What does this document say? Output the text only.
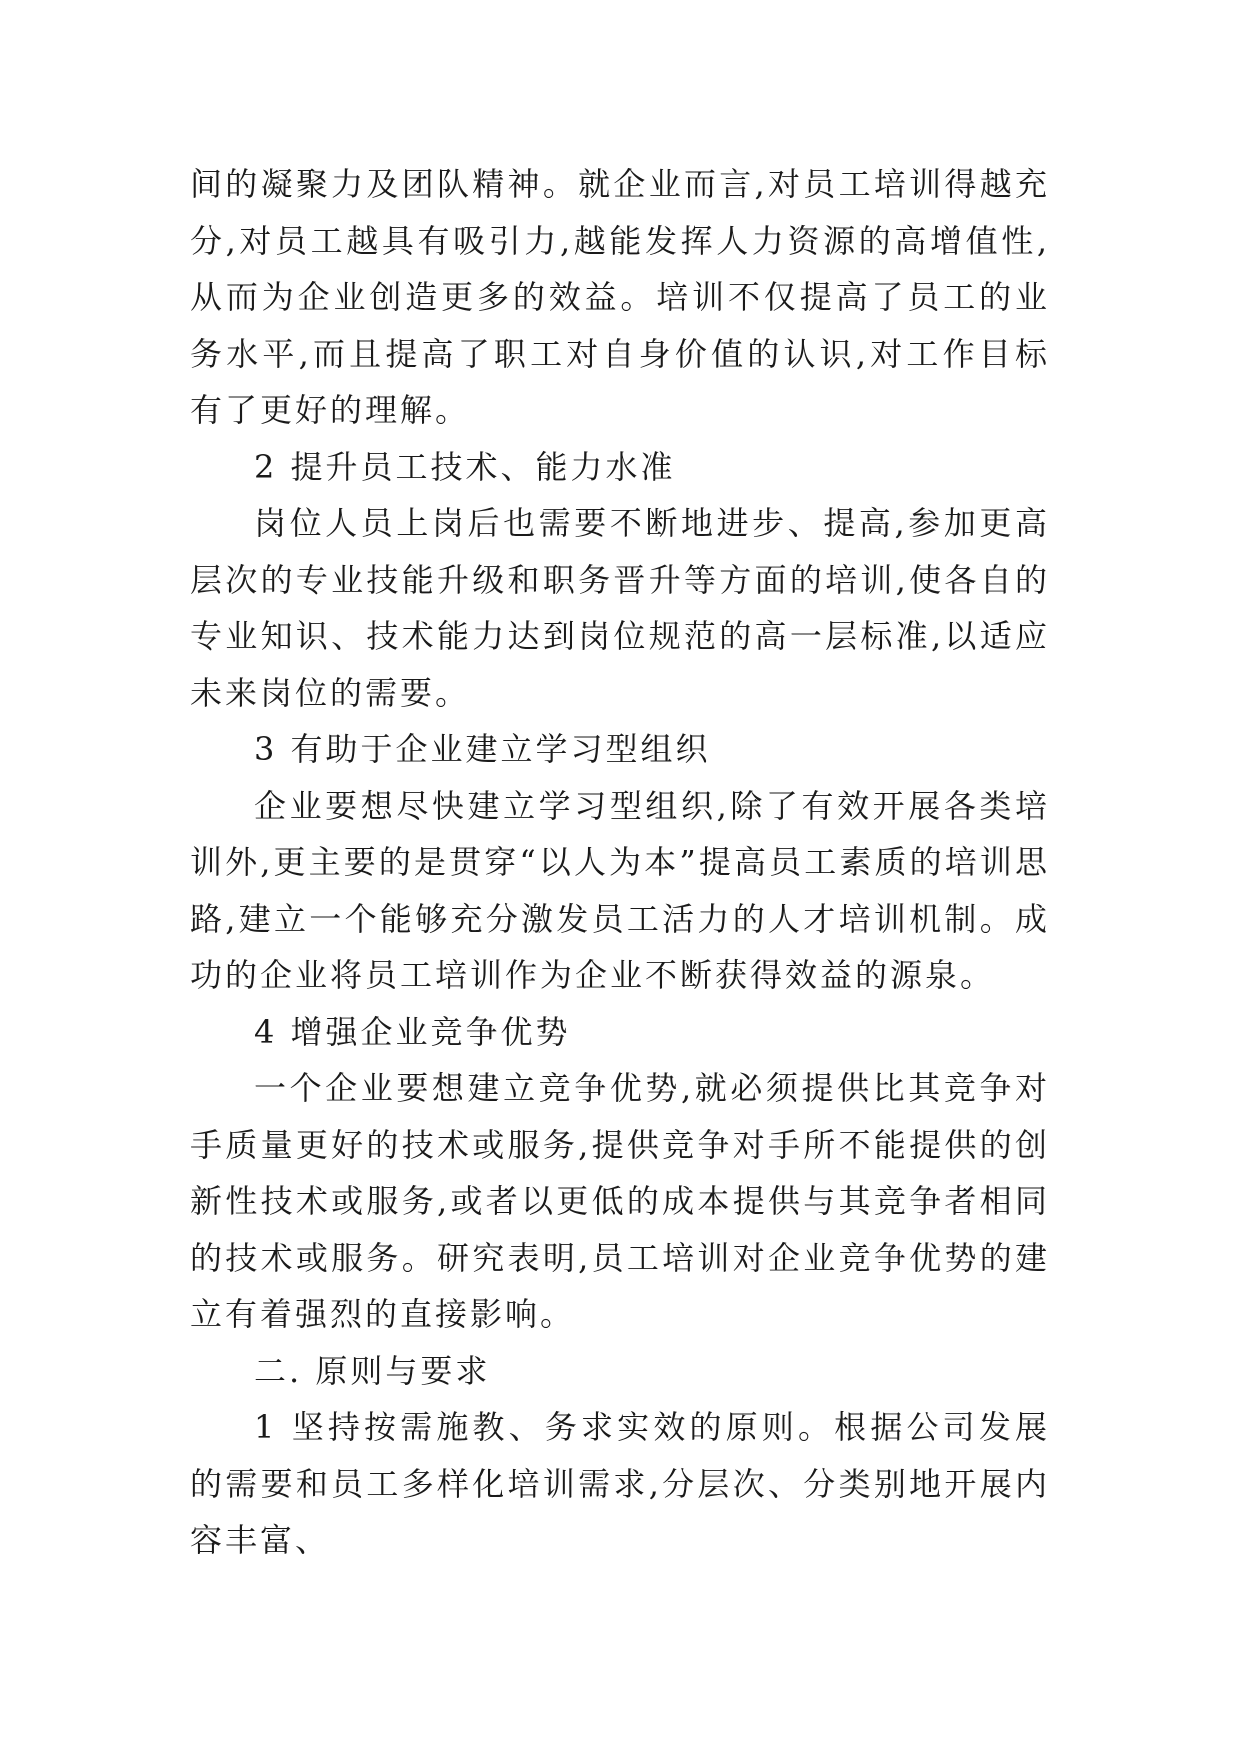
间的凝聚力及团队精神。就企业而言,对员工培训得越充分,对员工越具有吸引力,越能发挥人力资源的高增值性,从而为企业创造更多的效益。培训不仅提高了员工的业务水平,而且提高了职工对自身价值的认识,对工作目标有了更好的理解。

2 提升员工技术、能力水准

岗位人员上岗后也需要不断地进步、提高,参加更高层次的专业技能升级和职务晋升等方面的培训,使各自的专业知识、技术能力达到岗位规范的高一层标准,以适应未来岗位的需要。

3 有助于企业建立学习型组织

企业要想尽快建立学习型组织,除了有效开展各类培训外,更主要的是贯穿“以人为本”提高员工素质的培训思路,建立一个能够充分激发员工活力的人才培训机制。成功的企业将员工培训作为企业不断获得效益的源泉。

4 增强企业竞争优势

一个企业要想建立竞争优势,就必须提供比其竞争对手质量更好的技术或服务,提供竞争对手所不能提供的创新性技术或服务,或者以更低的成本提供与其竞争者相同的技术或服务。研究表明,员工培训对企业竞争优势的建立有着强烈的直接影响。

二. 原则与要求

1 坚持按需施教、务求实效的原则。根据公司发展的需要和员工多样化培训需求,分层次、分类别地开展内容丰富、
